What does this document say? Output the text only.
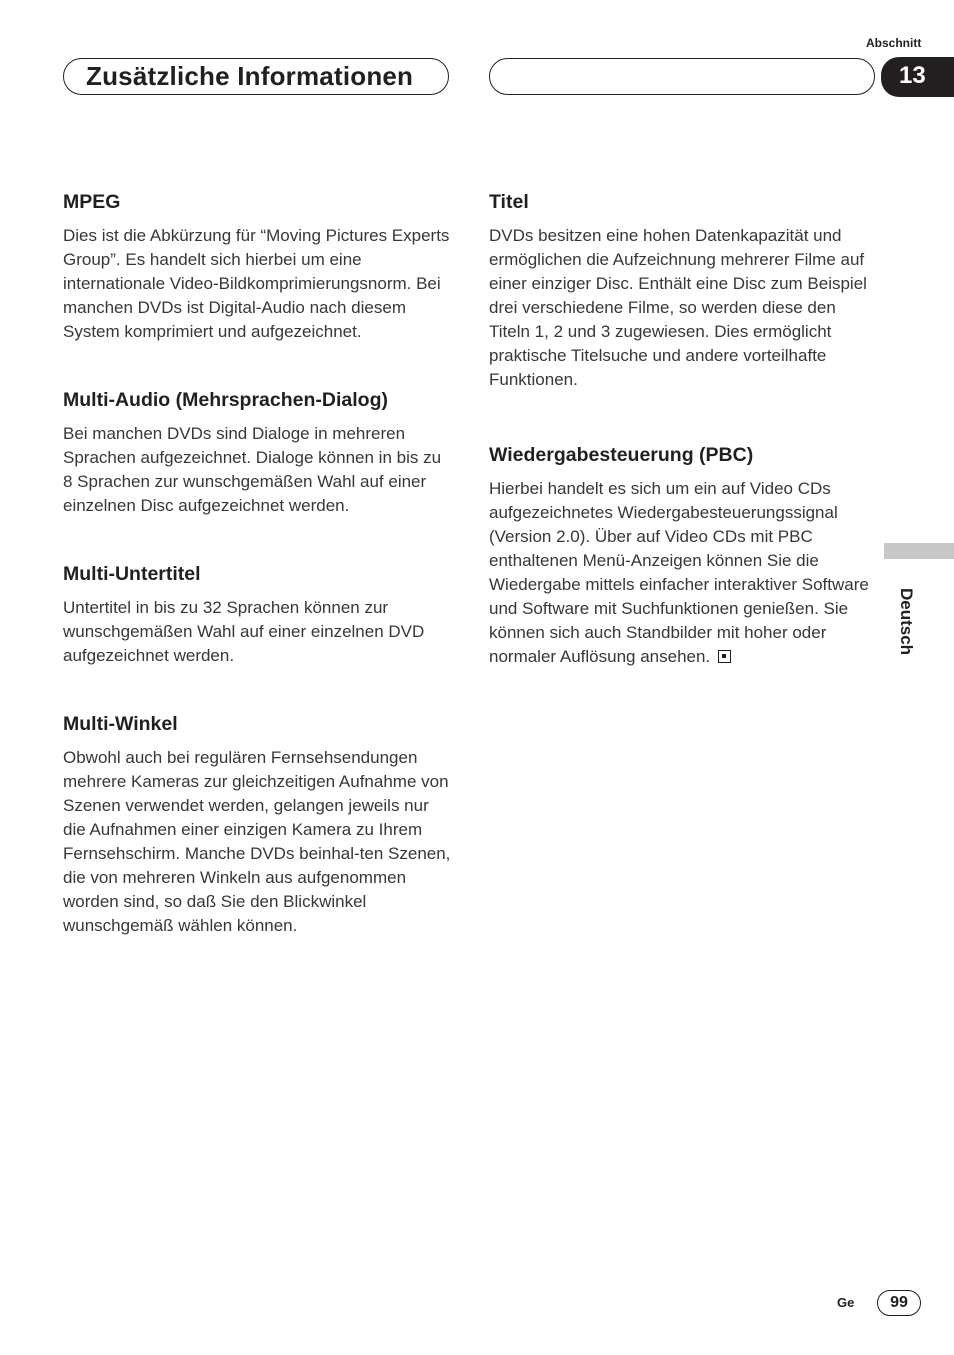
Abschnitt
Zusätzliche Informationen	13
MPEG

Dies ist die Abkürzung für “Moving Pictures Experts Group”. Es handelt sich hierbei um eine internationale Video-Bildkomprimierungsnorm. Bei manchen DVDs ist Digital-Audio nach diesem System komprimiert und aufgezeichnet.

Multi-Audio (Mehrsprachen-Dialog)

Bei manchen DVDs sind Dialoge in mehreren Sprachen aufgezeichnet. Dialoge können in bis zu 8 Sprachen zur wunschgemäßen Wahl auf einer einzelnen Disc aufgezeichnet werden.

Multi-Untertitel

Untertitel in bis zu 32 Sprachen können zur wunschgemäßen Wahl auf einer einzelnen DVD aufgezeichnet werden.

Multi-Winkel

Obwohl auch bei regulären Fernsehsendungen mehrere Kameras zur gleichzeitigen Aufnahme von Szenen verwendet werden, gelangen jeweils nur die Aufnahmen einer einzigen Kamera zu Ihrem Fernsehschirm. Manche DVDs beinhal-ten Szenen, die von mehreren Winkeln aus aufgenommen worden sind, so daß Sie den Blickwinkel wunschgemäß wählen können.

Titel

DVDs besitzen eine hohen Datenkapazität und ermöglichen die Aufzeichnung mehrerer Filme auf einer einziger Disc. Enthält eine Disc zum Beispiel drei verschiedene Filme, so werden diese den Titeln 1, 2 und 3 zugewiesen. Dies ermöglicht praktische Titelsuche und andere vorteilhafte Funktionen.

Wiedergabesteuerung (PBC)

Hierbei handelt es sich um ein auf Video CDs aufgezeichnetes Wiedergabesteuerungssignal (Version 2.0). Über auf Video CDs mit PBC enthaltenen Menü-Anzeigen können Sie die Wiedergabe mittels einfacher interaktiver Software und Software mit Suchfunktionen genießen. Sie können sich auch Standbilder mit hoher oder normaler Auflösung ansehen.

Deutsch
Ge	99
